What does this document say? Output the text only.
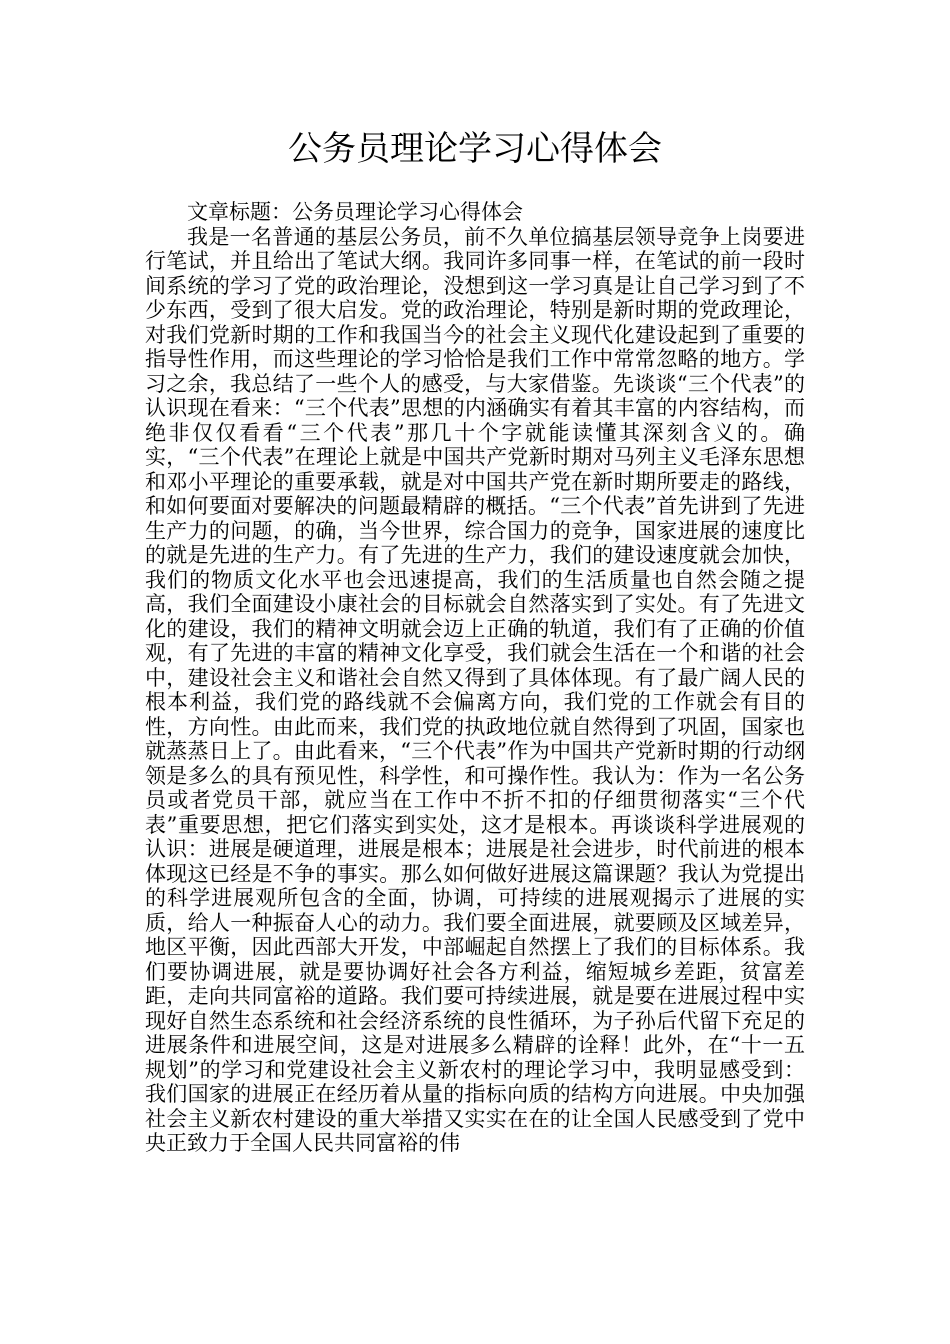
公务员理论学习心得体会

文章标题：公务员理论学习心得体会

我是一名普通的基层公务员，前不久单位搞基层领导竞争上岗要进行笔试，并且给出了笔试大纲。我同许多同事一样，在笔试的前一段时间系统的学习了党的政治理论，没想到这一学习真是让自己学习到了不少东西，受到了很大启发。党的政治理论，特别是新时期的党政理论，对我们党新时期的工作和我国当今的社会主义现代化建设起到了重要的指导性作用，而这些理论的学习恰恰是我们工作中常常忽略的地方。学习之余，我总结了一些个人的感受，与大家借鉴。先谈谈“三个代表”的认识现在看来：“三个代表”思想的内涵确实有着其丰富的内容结构，而绝非仅仅看看“三个代表”那几十个字就能读懂其深刻含义的。确实，“三个代表”在理论上就是中国共产党新时期对马列主义毛泽东思想和邓小平理论的重要承载，就是对中国共产党在新时期所要走的路线，和如何要面对要解决的问题最精辟的概括。“三个代表”首先讲到了先进生产力的问题，的确，当今世界，综合国力的竞争，国家进展的速度比的就是先进的生产力。有了先进的生产力，我们的建设速度就会加快，我们的物质文化水平也会迅速提高，我们的生活质量也自然会随之提高，我们全面建设小康社会的目标就会自然落实到了实处。有了先进文化的建设，我们的精神文明就会迈上正确的轨道，我们有了正确的价值观，有了先进的丰富的精神文化享受，我们就会生活在一个和谐的社会中，建设社会主义和谐社会自然又得到了具体体现。有了最广阔人民的根本利益，我们党的路线就不会偏离方向，我们党的工作就会有目的性，方向性。由此而来，我们党的执政地位就自然得到了巩固，国家也就蒸蒸日上了。由此看来，“三个代表”作为中国共产党新时期的行动纲领是多么的具有预见性，科学性，和可操作性。我认为：作为一名公务员或者党员干部，就应当在工作中不折不扣的仔细贯彻落实“三个代表”重要思想，把它们落实到实处，这才是根本。再谈谈科学进展观的认识：进展是硬道理，进展是根本；进展是社会进步，时代前进的根本体现这已经是不争的事实。那么如何做好进展这篇课题？我认为党提出的科学进展观所包含的全面，协调，可持续的进展观揭示了进展的实质，给人一种振奋人心的动力。我们要全面进展，就要顾及区域差异，地区平衡，因此西部大开发，中部崛起自然摆上了我们的目标体系。我们要协调进展，就是要协调好社会各方利益，缩短城乡差距，贫富差距，走向共同富裕的道路。我们要可持续进展，就是要在进展过程中实现好自然生态系统和社会经济系统的良性循环，为子孙后代留下充足的进展条件和进展空间，这是对进展多么精辟的诠释！此外，在“十一五规划”的学习和党建设社会主义新农村的理论学习中，我明显感受到：我们国家的进展正在经历着从量的指标向质的结构方向进展。中央加强社会主义新农村建设的重大举措又实实在在的让全国人民感受到了党中央正致力于全国人民共同富裕的伟
